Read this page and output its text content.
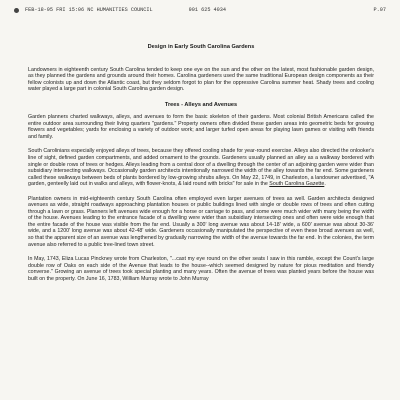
FEB-18-95 FRI 15:06 NC HUMANITIES COUNCIL	901 625 4034	P.07
Design in Early South Carolina Gardens

Landowners in eighteenth century South Carolina tended to keep one eye on the sun and the other on the latest, most fashionable garden design, as they planned the gardens and grounds around their homes. Carolina gardeners used the same traditional European design components as their fellow colonists up and down the Atlantic coast, but they seldom forgot to plan for the oppressive Carolina summer heat. Shady trees and cooling water played a large part in colonial South Carolina garden design.

Trees - Alleys and Avenues

Garden planners charted walkways, alleys, and avenues to form the basic skeleton of their gardens. Most colonial British Americans called the entire outdoor area surrounding their living quarters "gardens." Property owners often divided these garden areas into geometric beds for growing flowers and vegetables; yards for enclosing a variety of outdoor work; and larger turfed open areas for playing lawn games or visiting with friends and family.

South Carolinians especially enjoyed alleys of trees, because they offered cooling shade for year-round exercise. Alleys also directed the onlooker's line of sight, defined garden compartments, and added ornament to the grounds. Gardeners usually planned an alley as a walkway bordered with single or double rows of trees or hedges. Alleys leading from a central door of a dwelling through the center of an adjoining garden were wider than subsidiary intersecting walkways. Occasionally garden architects intentionally narrowed the width of the alley towards the far end. Some gardeners called these walkways between beds of plants bordered by low-growing shrubs alleys. On May 22, 1749, in Charleston, a landowner advertised, "A garden, genteelly laid out in walks and alleys, with flower-knots, & laid round with bricks" for sale in the South Carolina Gazette.

Plantation owners in mid-eighteenth century South Carolina often employed even larger avenues of trees as well. Garden architects designed avenues as wide, straight roadways approaching plantation houses or public buildings lined with single or double rows of trees and often cutting through a lawn or grass. Planners left avenues wide enough for a horse or carriage to pass, and some were much wider with many being the width of the house. Avenues leading to the entrance facade of a dwelling were wider than subsidiary intersecting ones and often were wide enough that the entire facade of the house was visible from the far end. Usually a 300' long avenue was about 14-18' wide, a 600' avenue was about 30-36' wide, and a 1200' long avenue was about 42-48' wide. Gardeners occasionally manipulated the perspective of even these broad avenues as well, so that the apparent size of an avenue was lengthened by gradually narrowing the width of the avenue towards the far end. In the colonies, the term avenue also referred to a public tree-lined town street.

In May, 1743, Eliza Lucas Pinckney wrote from Charleston, "...cast my eye round on the other seats I saw in this ramble, except the Count's large double row of Oaks on each side of the Avenue that leads to the house--which seemed designed by nature for pious meditation and friendly converse." Growing an avenue of trees took special planting and many years. Often the avenue of trees was planted years before the house was built on the property. On June 16, 1783, William Murray wrote to John Murray
